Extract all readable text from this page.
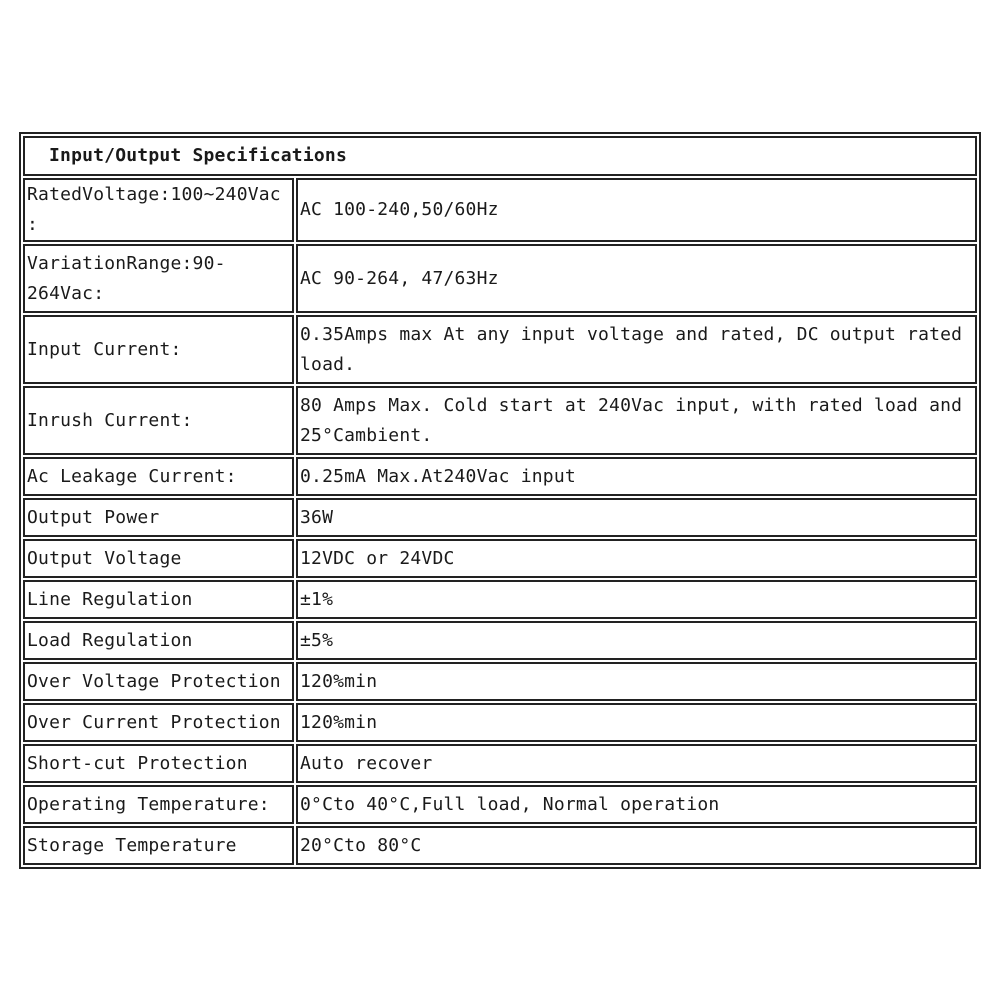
Input/Output Specifications	
RatedVoltage:100~240Vac:	AC 100-240,50/60Hz
VariationRange:90-264Vac:	AC 90-264, 47/63Hz
Input Current:	0.35Amps max At any input voltage and rated, DC output rated load.
Inrush Current:	80 Amps Max. Cold start at 240Vac input, with rated load and 25°Cambient.
Ac Leakage Current:	0.25mA Max.At240Vac input
Output Power	36W
Output Voltage	12VDC or 24VDC
Line Regulation	±1%
Load Regulation	±5%
Over Voltage Protection	120%min
Over Current Protection	120%min
Short-cut Protection	Auto recover
Operating Temperature:	0°Cto 40°C,Full load, Normal operation
Storage Temperature	20°Cto 80°C
